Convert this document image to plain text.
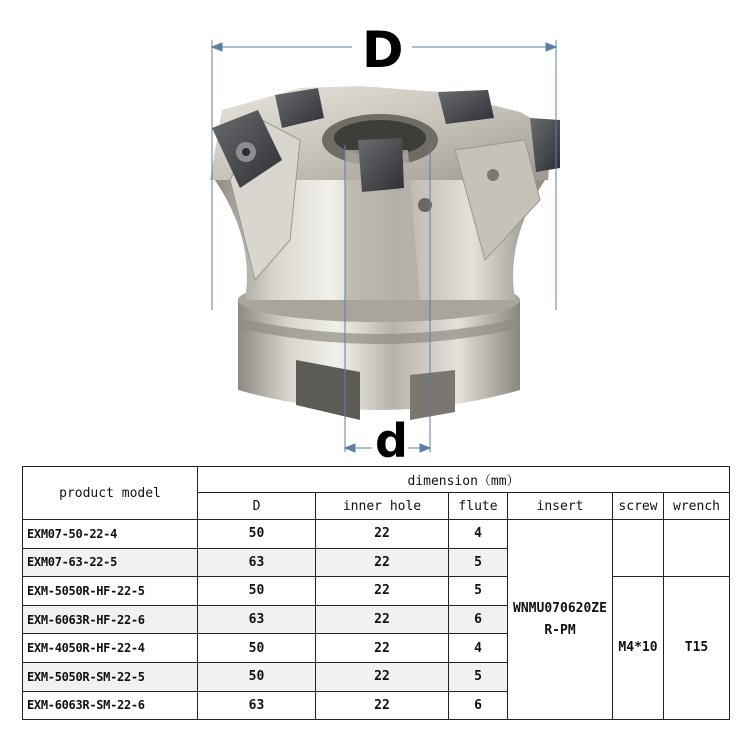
D
d
product model	dimension（mm）					
	D	inner hole	flute	insert	screw	wrench
EXM07-50-22-4	50	22	4	WNMU070620ZE
R-PM		

EXM07-63-22-5	63	22	5			
EXM-5050R-HF-22-5	50	22	5		M4*10	T15
EXM-6063R-HF-22-6	63	22	6			
EXM-4050R-HF-22-4	50	22	4			
EXM-5050R-SM-22-5	50	22	5			
EXM-6063R-SM-22-6	63	22	6			
